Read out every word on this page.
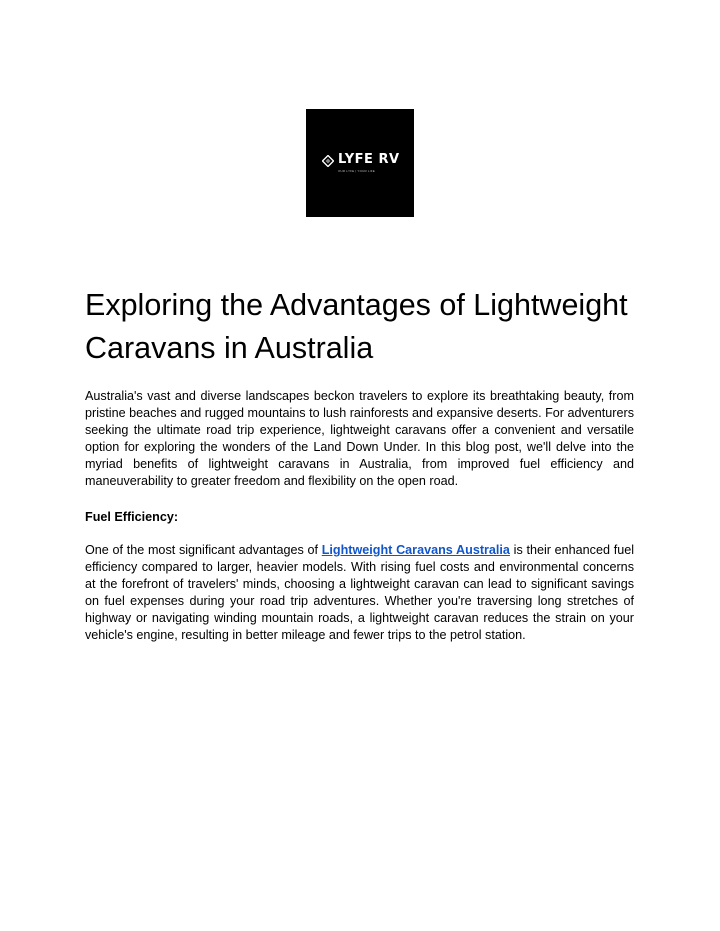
LYFE RV
OUR LYFE | YOUR LIFE
Exploring the Advantages of Lightweight Caravans in Australia

Australia's vast and diverse landscapes beckon travelers to explore its breathtaking beauty, from pristine beaches and rugged mountains to lush rainforests and expansive deserts. For adventurers seeking the ultimate road trip experience, lightweight caravans offer a convenient and versatile option for exploring the wonders of the Land Down Under. In this blog post, we'll delve into the myriad benefits of lightweight caravans in Australia, from improved fuel efficiency and maneuverability to greater freedom and flexibility on the open road.

Fuel Efficiency:

One of the most significant advantages of Lightweight Caravans Australia is their enhanced fuel efficiency compared to larger, heavier models. With rising fuel costs and environmental concerns at the forefront of travelers' minds, choosing a lightweight caravan can lead to significant savings on fuel expenses during your road trip adventures. Whether you're traversing long stretches of highway or navigating winding mountain roads, a lightweight caravan reduces the strain on your vehicle's engine, resulting in better mileage and fewer trips to the petrol station.
